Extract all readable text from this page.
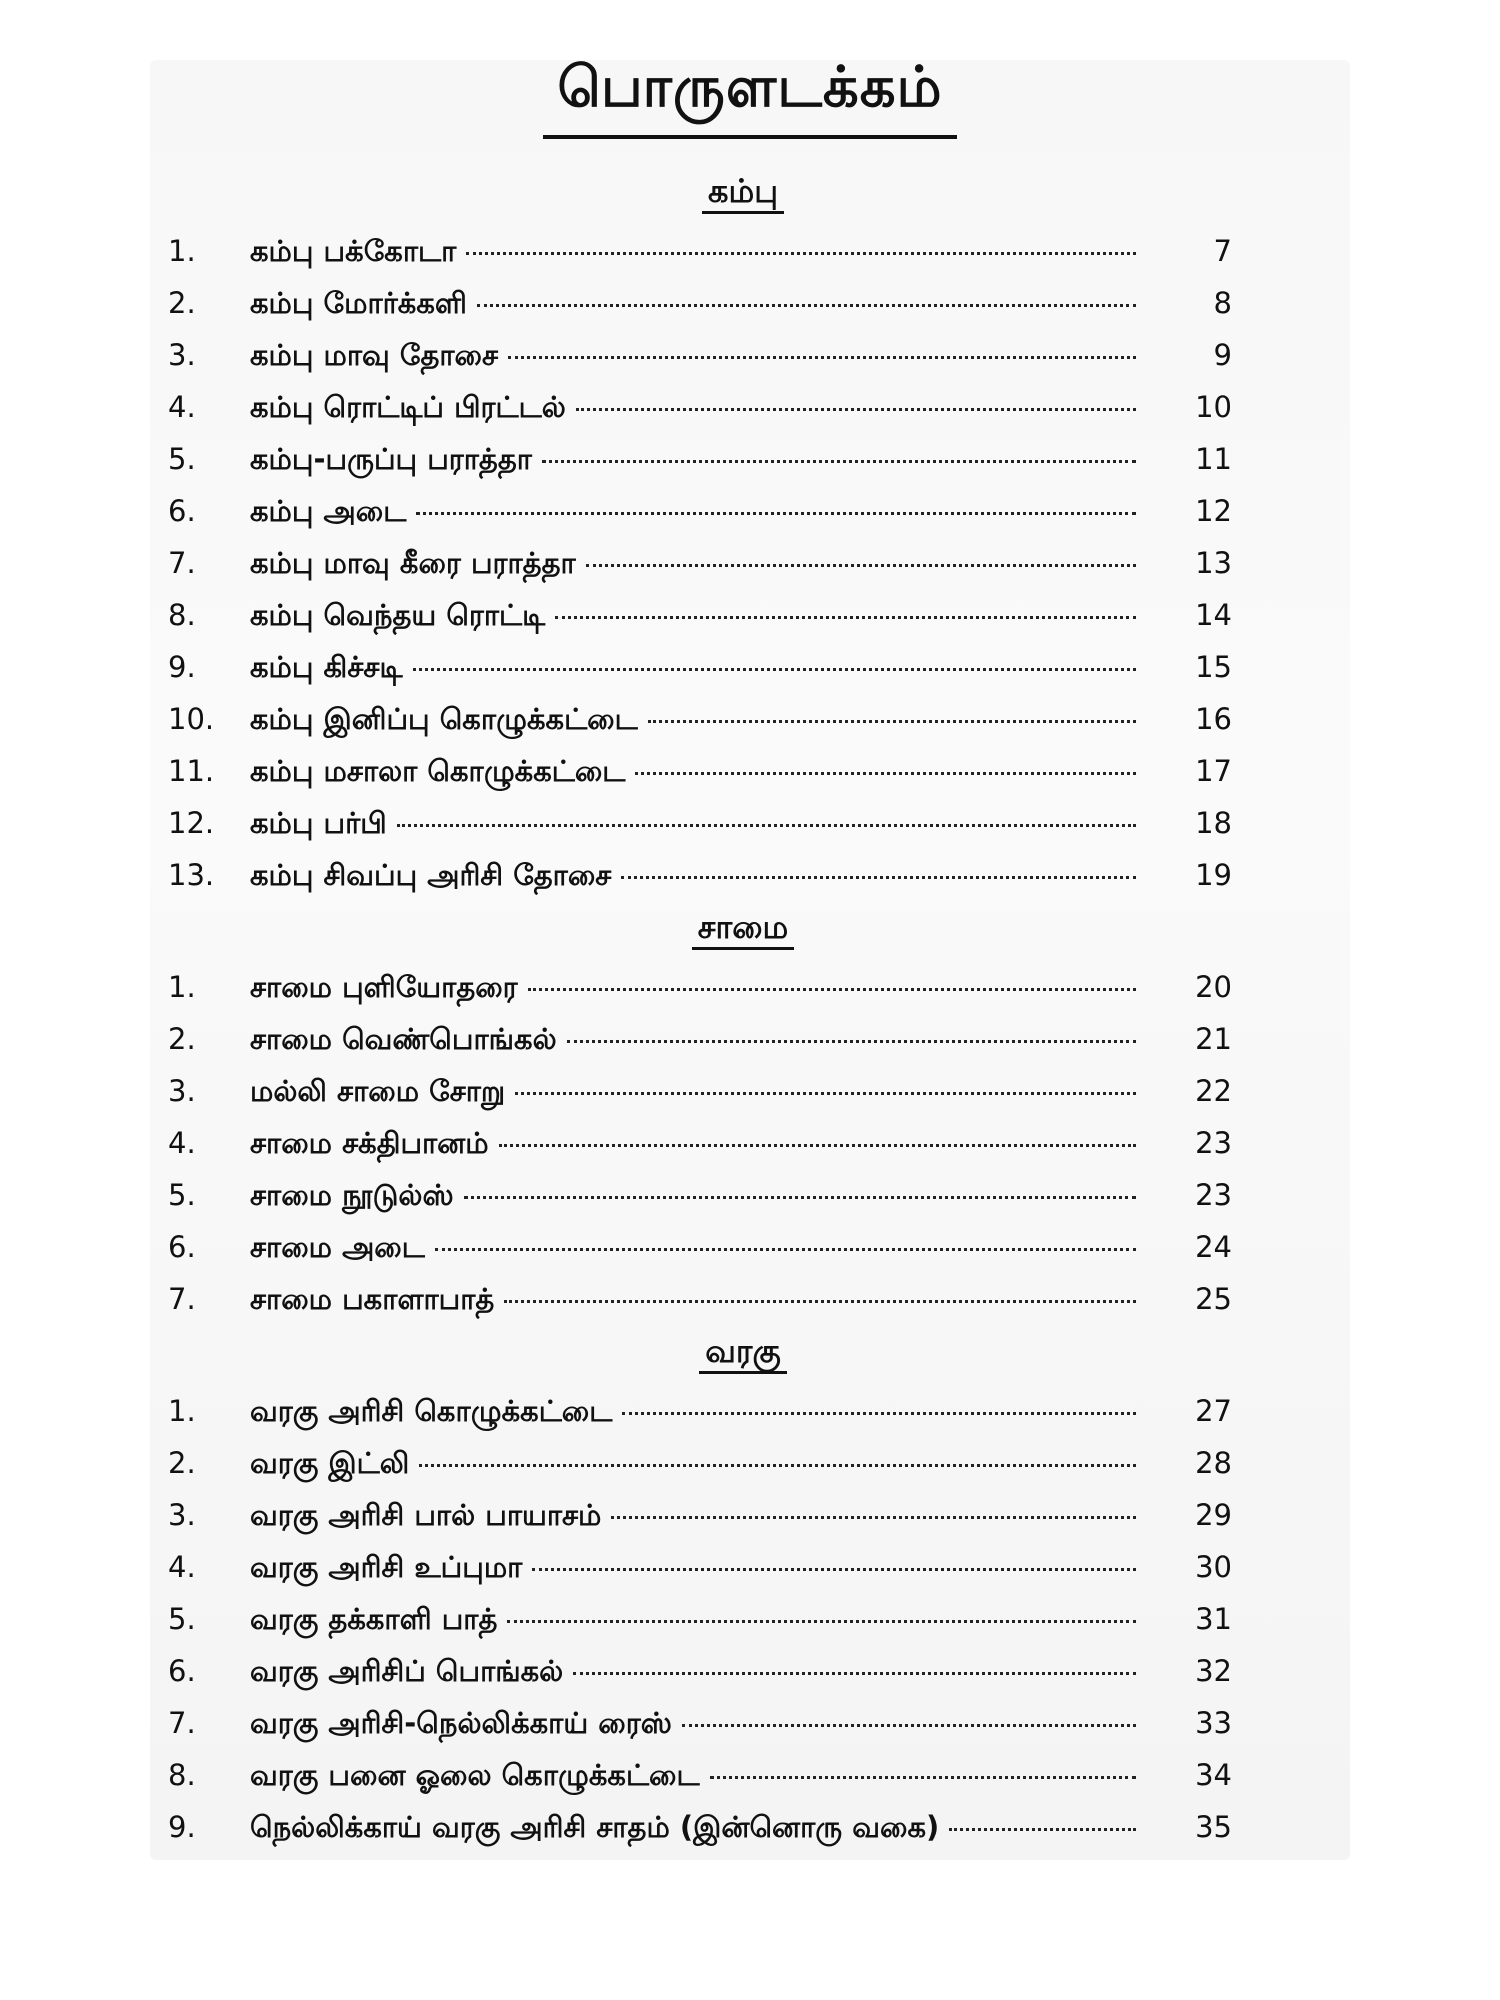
பொருளடக்கம்
கம்பு
1.	கம்பு பக்கோடா	7
2.	கம்பு மோர்க்களி	8
3.	கம்பு மாவு தோசை	9
4.	கம்பு ரொட்டிப் பிரட்டல்	10
5.	கம்பு-பருப்பு பராத்தா	11
6.	கம்பு அடை	12
7.	கம்பு மாவு கீரை பராத்தா	13
8.	கம்பு வெந்தய ரொட்டி	14
9.	கம்பு கிச்சடி	15
10.	கம்பு இனிப்பு கொழுக்கட்டை	16
11.	கம்பு மசாலா கொழுக்கட்டை	17
12.	கம்பு பர்பி	18
13.	கம்பு சிவப்பு அரிசி தோசை	19
சாமை
1.	சாமை புளியோதரை	20
2.	சாமை வெண்பொங்கல்	21
3.	மல்லி சாமை சோறு	22
4.	சாமை சக்திபானம்	23
5.	சாமை நூடுல்ஸ்	23
6.	சாமை அடை	24
7.	சாமை பகாளாபாத்	25
வரகு
1.	வரகு அரிசி கொழுக்கட்டை	27
2.	வரகு இட்லி	28
3.	வரகு அரிசி பால் பாயாசம்	29
4.	வரகு அரிசி உப்புமா	30
5.	வரகு தக்காளி பாத்	31
6.	வரகு அரிசிப் பொங்கல்	32
7.	வரகு அரிசி-நெல்லிக்காய் ரைஸ்	33
8.	வரகு பனை ஓலை கொழுக்கட்டை	34
9.	நெல்லிக்காய் வரகு அரிசி சாதம் (இன்னொரு வகை)	35
